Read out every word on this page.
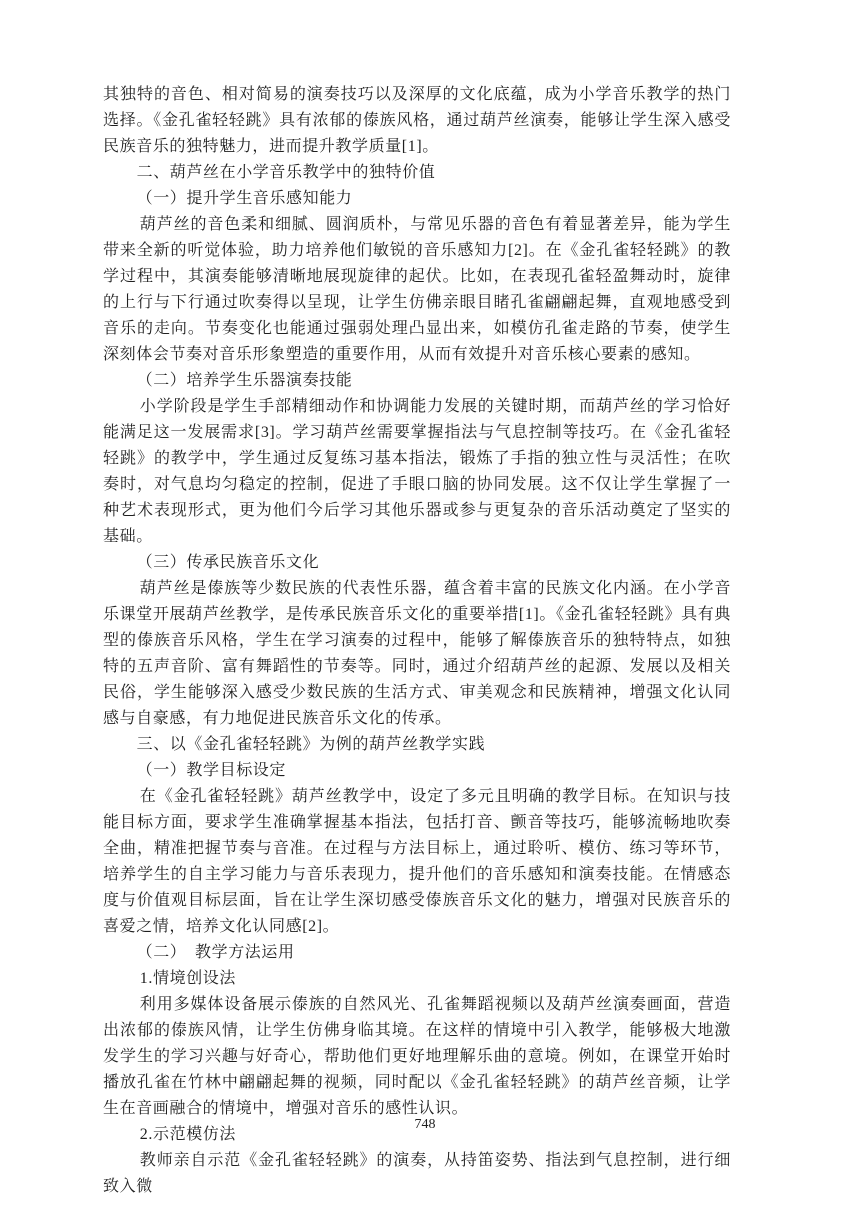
其独特的音色、相对简易的演奏技巧以及深厚的文化底蕴，成为小学音乐教学的热门选择。《金孔雀轻轻跳》具有浓郁的傣族风格，通过葫芦丝演奏，能够让学生深入感受民族音乐的独特魅力，进而提升教学质量[1]。

二、葫芦丝在小学音乐教学中的独特价值
（一）提升学生音乐感知能力

葫芦丝的音色柔和细腻、圆润质朴，与常见乐器的音色有着显著差异，能为学生带来全新的听觉体验，助力培养他们敏锐的音乐感知力[2]。在《金孔雀轻轻跳》的教学过程中，其演奏能够清晰地展现旋律的起伏。比如，在表现孔雀轻盈舞动时，旋律的上行与下行通过吹奏得以呈现，让学生仿佛亲眼目睹孔雀翩翩起舞，直观地感受到音乐的走向。节奏变化也能通过强弱处理凸显出来，如模仿孔雀走路的节奏，使学生深刻体会节奏对音乐形象塑造的重要作用，从而有效提升对音乐核心要素的感知。

（二）培养学生乐器演奏技能

小学阶段是学生手部精细动作和协调能力发展的关键时期，而葫芦丝的学习恰好能满足这一发展需求[3]。学习葫芦丝需要掌握指法与气息控制等技巧。在《金孔雀轻轻跳》的教学中，学生通过反复练习基本指法，锻炼了手指的独立性与灵活性；在吹奏时，对气息均匀稳定的控制，促进了手眼口脑的协同发展。这不仅让学生掌握了一种艺术表现形式，更为他们今后学习其他乐器或参与更复杂的音乐活动奠定了坚实的基础。

（三）传承民族音乐文化

葫芦丝是傣族等少数民族的代表性乐器，蕴含着丰富的民族文化内涵。在小学音乐课堂开展葫芦丝教学，是传承民族音乐文化的重要举措[1]。《金孔雀轻轻跳》具有典型的傣族音乐风格，学生在学习演奏的过程中，能够了解傣族音乐的独特特点，如独特的五声音阶、富有舞蹈性的节奏等。同时，通过介绍葫芦丝的起源、发展以及相关民俗，学生能够深入感受少数民族的生活方式、审美观念和民族精神，增强文化认同感与自豪感，有力地促进民族音乐文化的传承。

三、以《金孔雀轻轻跳》为例的葫芦丝教学实践
（一）教学目标设定

在《金孔雀轻轻跳》葫芦丝教学中，设定了多元且明确的教学目标。在知识与技能目标方面，要求学生准确掌握基本指法，包括打音、颤音等技巧，能够流畅地吹奏全曲，精准把握节奏与音准。在过程与方法目标上，通过聆听、模仿、练习等环节，培养学生的自主学习能力与音乐表现力，提升他们的音乐感知和演奏技能。在情感态度与价值观目标层面，旨在让学生深切感受傣族音乐文化的魅力，增强对民族音乐的喜爱之情，培养文化认同感[2]。

（二）　教学方法运用
1.情境创设法

利用多媒体设备展示傣族的自然风光、孔雀舞蹈视频以及葫芦丝演奏画面，营造出浓郁的傣族风情，让学生仿佛身临其境。在这样的情境中引入教学，能够极大地激发学生的学习兴趣与好奇心，帮助他们更好地理解乐曲的意境。例如，在课堂开始时播放孔雀在竹林中翩翩起舞的视频，同时配以《金孔雀轻轻跳》的葫芦丝音频，让学生在音画融合的情境中，增强对音乐的感性认识。

2.示范模仿法

教师亲自示范《金孔雀轻轻跳》的演奏，从持笛姿势、指法到气息控制，进行细致入微

748
